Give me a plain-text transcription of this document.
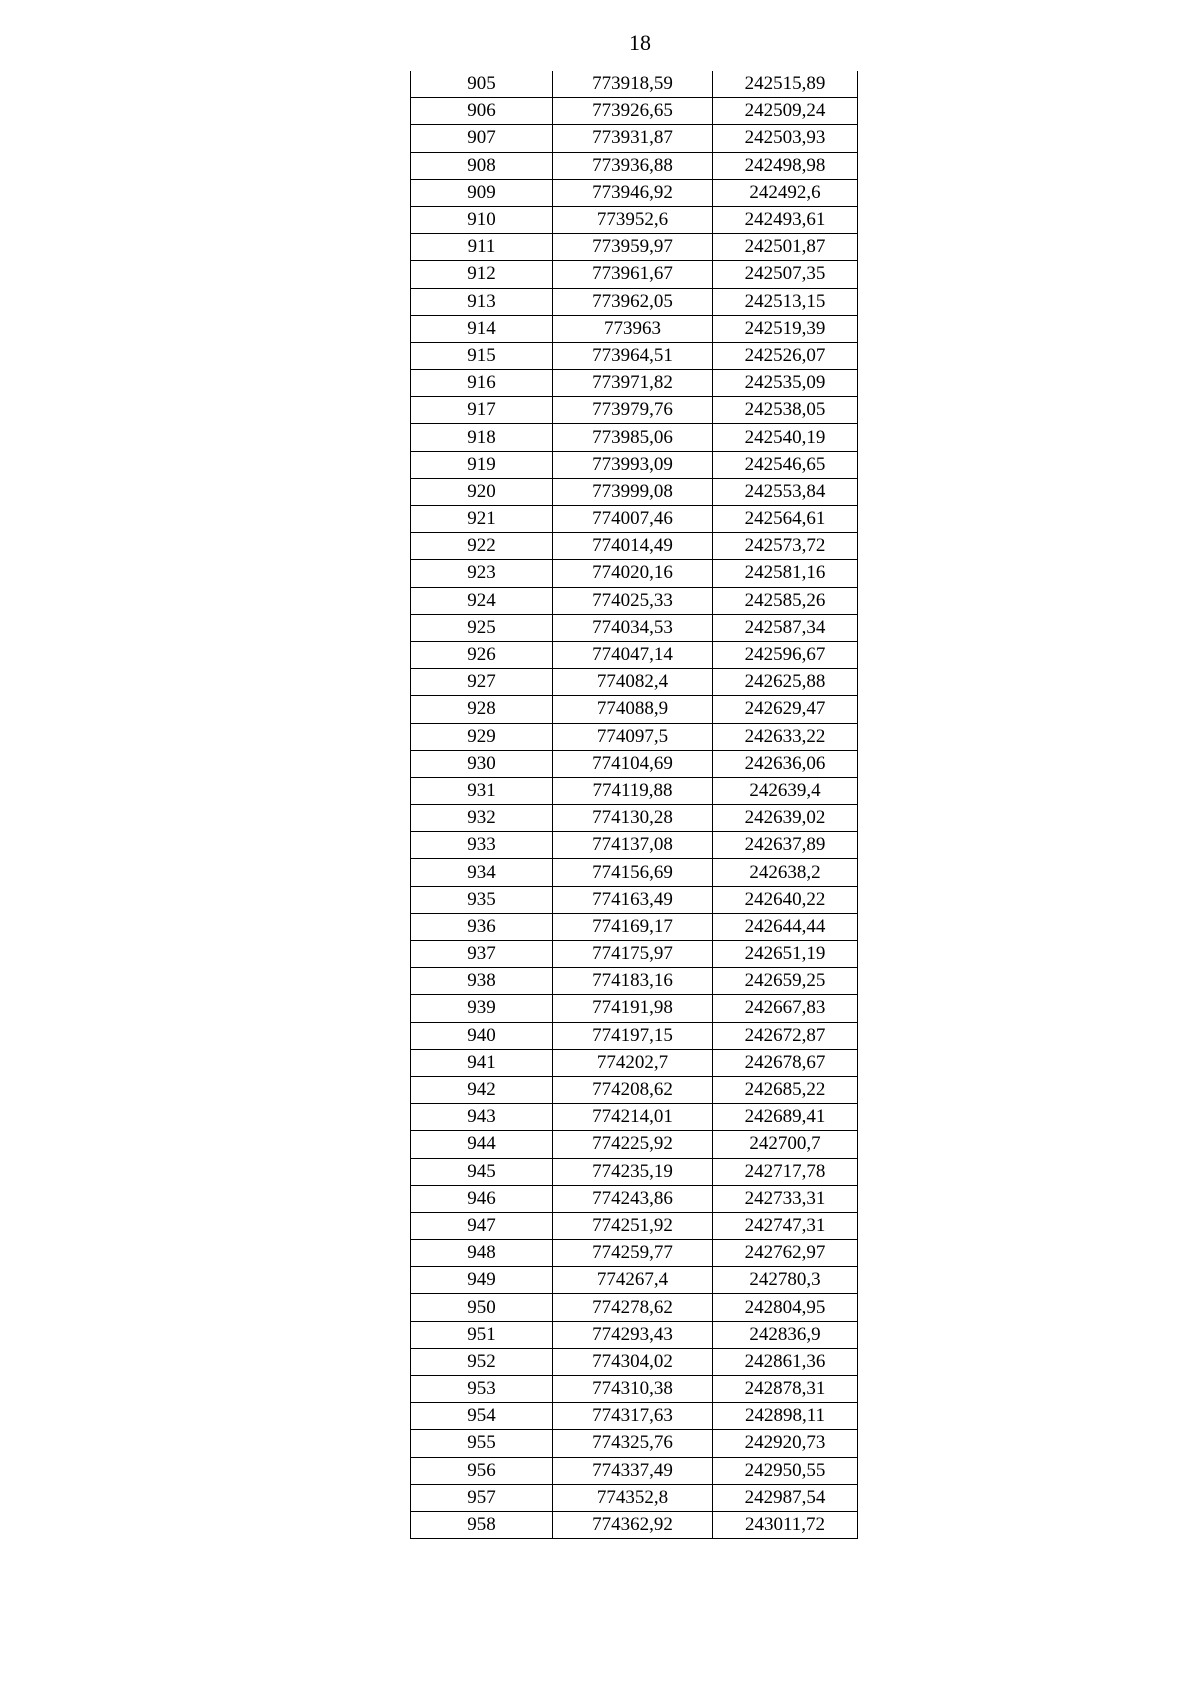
18
905	773918,59	242515,89
906	773926,65	242509,24
907	773931,87	242503,93
908	773936,88	242498,98
909	773946,92	242492,6
910	773952,6	242493,61
911	773959,97	242501,87
912	773961,67	242507,35
913	773962,05	242513,15
914	773963	242519,39
915	773964,51	242526,07
916	773971,82	242535,09
917	773979,76	242538,05
918	773985,06	242540,19
919	773993,09	242546,65
920	773999,08	242553,84
921	774007,46	242564,61
922	774014,49	242573,72
923	774020,16	242581,16
924	774025,33	242585,26
925	774034,53	242587,34
926	774047,14	242596,67
927	774082,4	242625,88
928	774088,9	242629,47
929	774097,5	242633,22
930	774104,69	242636,06
931	774119,88	242639,4
932	774130,28	242639,02
933	774137,08	242637,89
934	774156,69	242638,2
935	774163,49	242640,22
936	774169,17	242644,44
937	774175,97	242651,19
938	774183,16	242659,25
939	774191,98	242667,83
940	774197,15	242672,87
941	774202,7	242678,67
942	774208,62	242685,22
943	774214,01	242689,41
944	774225,92	242700,7
945	774235,19	242717,78
946	774243,86	242733,31
947	774251,92	242747,31
948	774259,77	242762,97
949	774267,4	242780,3
950	774278,62	242804,95
951	774293,43	242836,9
952	774304,02	242861,36
953	774310,38	242878,31
954	774317,63	242898,11
955	774325,76	242920,73
956	774337,49	242950,55
957	774352,8	242987,54
958	774362,92	243011,72
